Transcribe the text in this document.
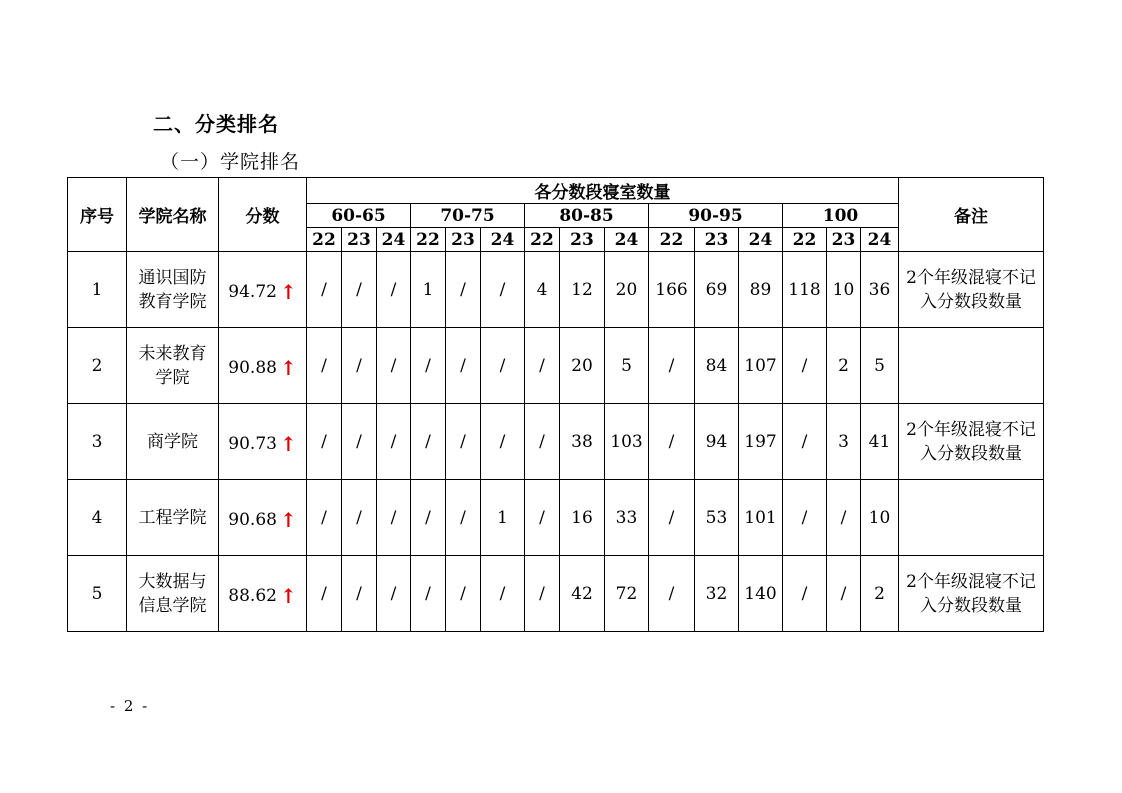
二、分类排名
（一）学院排名
序号	学院名称	分数	各分数段寝室数量															备注
			60-65			70-75			80-85			90-95			100			
			22	23	24	22	23	24	22	23	24	22	23	24	22	23	24	
1	通识国防教育学院	94.72 ↑	/	/	/	1	/	/	4	12	20	166	69	89	118	10	36	2个年级混寝不记入分数段数量

2	未来教育学院	90.88 ↑	/	/	/	/	/	/	/	20	5	/	84	107	/	2	5	

3	商学院	90.73 ↑	/	/	/	/	/	/	/	38	103	/	94	197	/	3	41	2个年级混寝不记入分数段数量

4	工程学院	90.68 ↑	/	/	/	/	/	1	/	16	33	/	53	101	/	/	10	

5	大数据与信息学院	88.62 ↑	/	/	/	/	/	/	/	42	72	/	32	140	/	/	2	2个年级混寝不记入分数段数量
- 2 -
